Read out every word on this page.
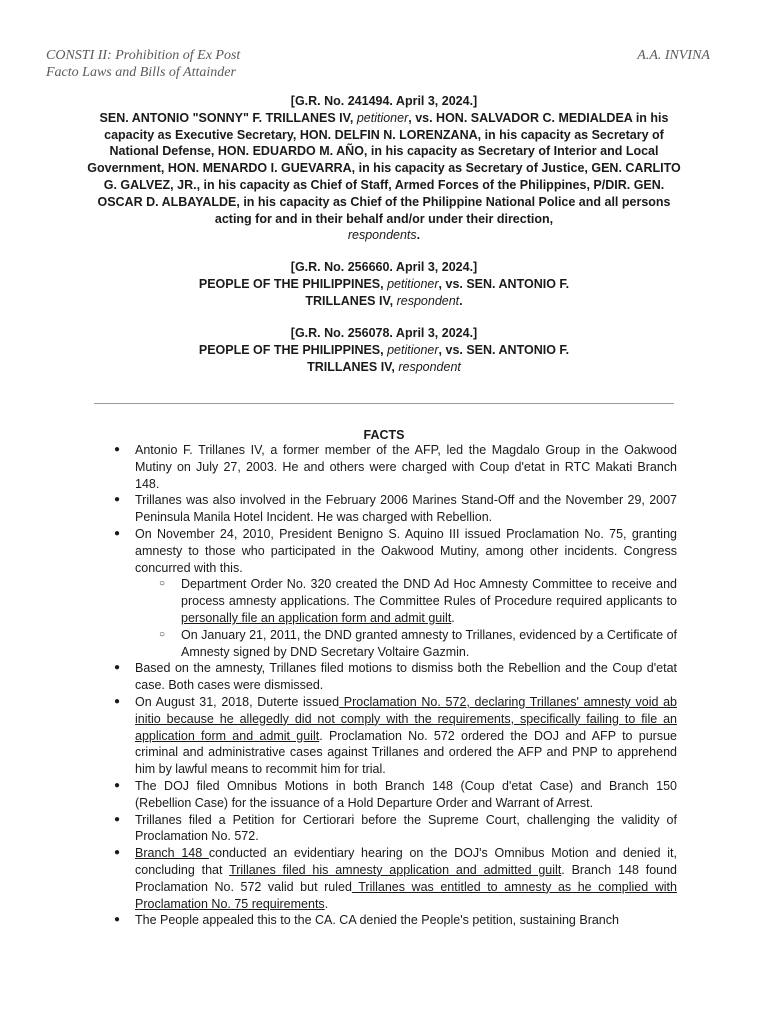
CONSTI II: Prohibition of Ex Post
Facto Laws and Bills of Attainder
A.A. INVINA
[G.R. No. 241494. April 3, 2024.]
SEN. ANTONIO "SONNY" F. TRILLANES IV, petitioner, vs. HON. SALVADOR C. MEDIALDEA in his capacity as Executive Secretary, HON. DELFIN N. LORENZANA, in his capacity as Secretary of National Defense, HON. EDUARDO M. AÑO, in his capacity as Secretary of Interior and Local Government, HON. MENARDO I. GUEVARRA, in his capacity as Secretary of Justice, GEN. CARLITO G. GALVEZ, JR., in his capacity as Chief of Staff, Armed Forces of the Philippines, P/DIR. GEN. OSCAR D. ALBAYALDE, in his capacity as Chief of the Philippine National Police and all persons acting for and in their behalf and/or under their direction,
respondents.
[G.R. No. 256660. April 3, 2024.]
PEOPLE OF THE PHILIPPINES, petitioner, vs. SEN. ANTONIO F.
TRILLANES IV, respondent.
[G.R. No. 256078. April 3, 2024.]
PEOPLE OF THE PHILIPPINES, petitioner, vs. SEN. ANTONIO F.
TRILLANES IV, respondent
FACTS
● Antonio F. Trillanes IV, a former member of the AFP, led the Magdalo Group in the Oakwood Mutiny on July 27, 2003. He and others were charged with Coup d'etat in RTC Makati Branch 148.
● Trillanes was also involved in the February 2006 Marines Stand-Off and the November 29, 2007 Peninsula Manila Hotel Incident. He was charged with Rebellion.
● On November 24, 2010, President Benigno S. Aquino III issued Proclamation No. 75, granting amnesty to those who participated in the Oakwood Mutiny, among other incidents. Congress concurred with this.
○ Department Order No. 320 created the DND Ad Hoc Amnesty Committee to receive and process amnesty applications. The Committee Rules of Procedure required applicants to personally file an application form and admit guilt.
○ On January 21, 2011, the DND granted amnesty to Trillanes, evidenced by a Certificate of Amnesty signed by DND Secretary Voltaire Gazmin.
● Based on the amnesty, Trillanes filed motions to dismiss both the Rebellion and the Coup d'etat case. Both cases were dismissed.
● On August 31, 2018, Duterte issued Proclamation No. 572, declaring Trillanes' amnesty void ab initio because he allegedly did not comply with the requirements, specifically failing to file an application form and admit guilt. Proclamation No. 572 ordered the DOJ and AFP to pursue criminal and administrative cases against Trillanes and ordered the AFP and PNP to apprehend him by lawful means to recommit him for trial.
● The DOJ filed Omnibus Motions in both Branch 148 (Coup d'etat Case) and Branch 150 (Rebellion Case) for the issuance of a Hold Departure Order and Warrant of Arrest.
● Trillanes filed a Petition for Certiorari before the Supreme Court, challenging the validity of Proclamation No. 572.
● Branch 148 conducted an evidentiary hearing on the DOJ's Omnibus Motion and denied it, concluding that Trillanes filed his amnesty application and admitted guilt. Branch 148 found Proclamation No. 572 valid but ruled Trillanes was entitled to amnesty as he complied with Proclamation No. 75 requirements.
● The People appealed this to the CA. CA denied the People's petition, sustaining Branch
